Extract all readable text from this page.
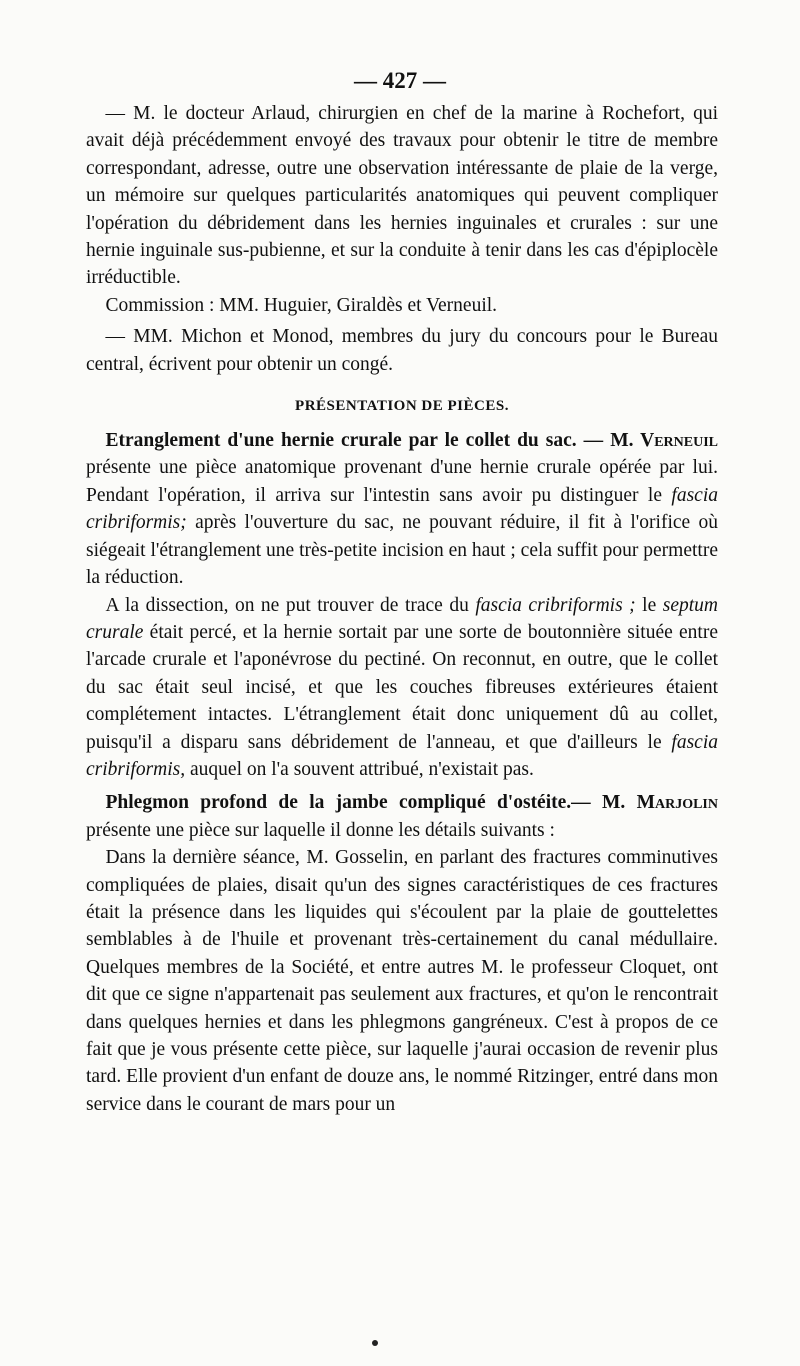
— 427 —

— M. le docteur Arlaud, chirurgien en chef de la marine à Rochefort, qui avait déjà précédemment envoyé des travaux pour obtenir le titre de membre correspondant, adresse, outre une observation intéressante de plaie de la verge, un mémoire sur quelques particularités anatomiques qui peuvent compliquer l'opération du débridement dans les hernies inguinales et crurales : sur une hernie inguinale sus-pubienne, et sur la conduite à tenir dans les cas d'épiplocèle irréductible.

Commission : MM. Huguier, Giraldès et Verneuil.

— MM. Michon et Monod, membres du jury du concours pour le Bureau central, écrivent pour obtenir un congé.

PRÉSENTATION DE PIÈCES.

Etranglement d'une hernie crurale par le collet du sac. — M. Verneuil présente une pièce anatomique provenant d'une hernie crurale opérée par lui. Pendant l'opération, il arriva sur l'intestin sans avoir pu distinguer le fascia cribriformis; après l'ouverture du sac, ne pouvant réduire, il fit à l'orifice où siégeait l'étranglement une très-petite incision en haut ; cela suffit pour permettre la réduction.

A la dissection, on ne put trouver de trace du fascia cribriformis ; le septum crurale était percé, et la hernie sortait par une sorte de boutonnière située entre l'arcade crurale et l'aponévrose du pectiné. On reconnut, en outre, que le collet du sac était seul incisé, et que les couches fibreuses extérieures étaient complétement intactes. L'étranglement était donc uniquement dû au collet, puisqu'il a disparu sans débridement de l'anneau, et que d'ailleurs le fascia cribriformis, auquel on l'a souvent attribué, n'existait pas.

Phlegmon profond de la jambe compliqué d'ostéite.— M. Marjolin présente une pièce sur laquelle il donne les détails suivants :

Dans la dernière séance, M. Gosselin, en parlant des fractures comminutives compliquées de plaies, disait qu'un des signes caractéristiques de ces fractures était la présence dans les liquides qui s'écoulent par la plaie de gouttelettes semblables à de l'huile et provenant très-certainement du canal médullaire. Quelques membres de la Société, et entre autres M. le professeur Cloquet, ont dit que ce signe n'appartenait pas seulement aux fractures, et qu'on le rencontrait dans quelques hernies et dans les phlegmons gangréneux. C'est à propos de ce fait que je vous présente cette pièce, sur laquelle j'aurai occasion de revenir plus tard. Elle provient d'un enfant de douze ans, le nommé Ritzinger, entré dans mon service dans le courant de mars pour un
